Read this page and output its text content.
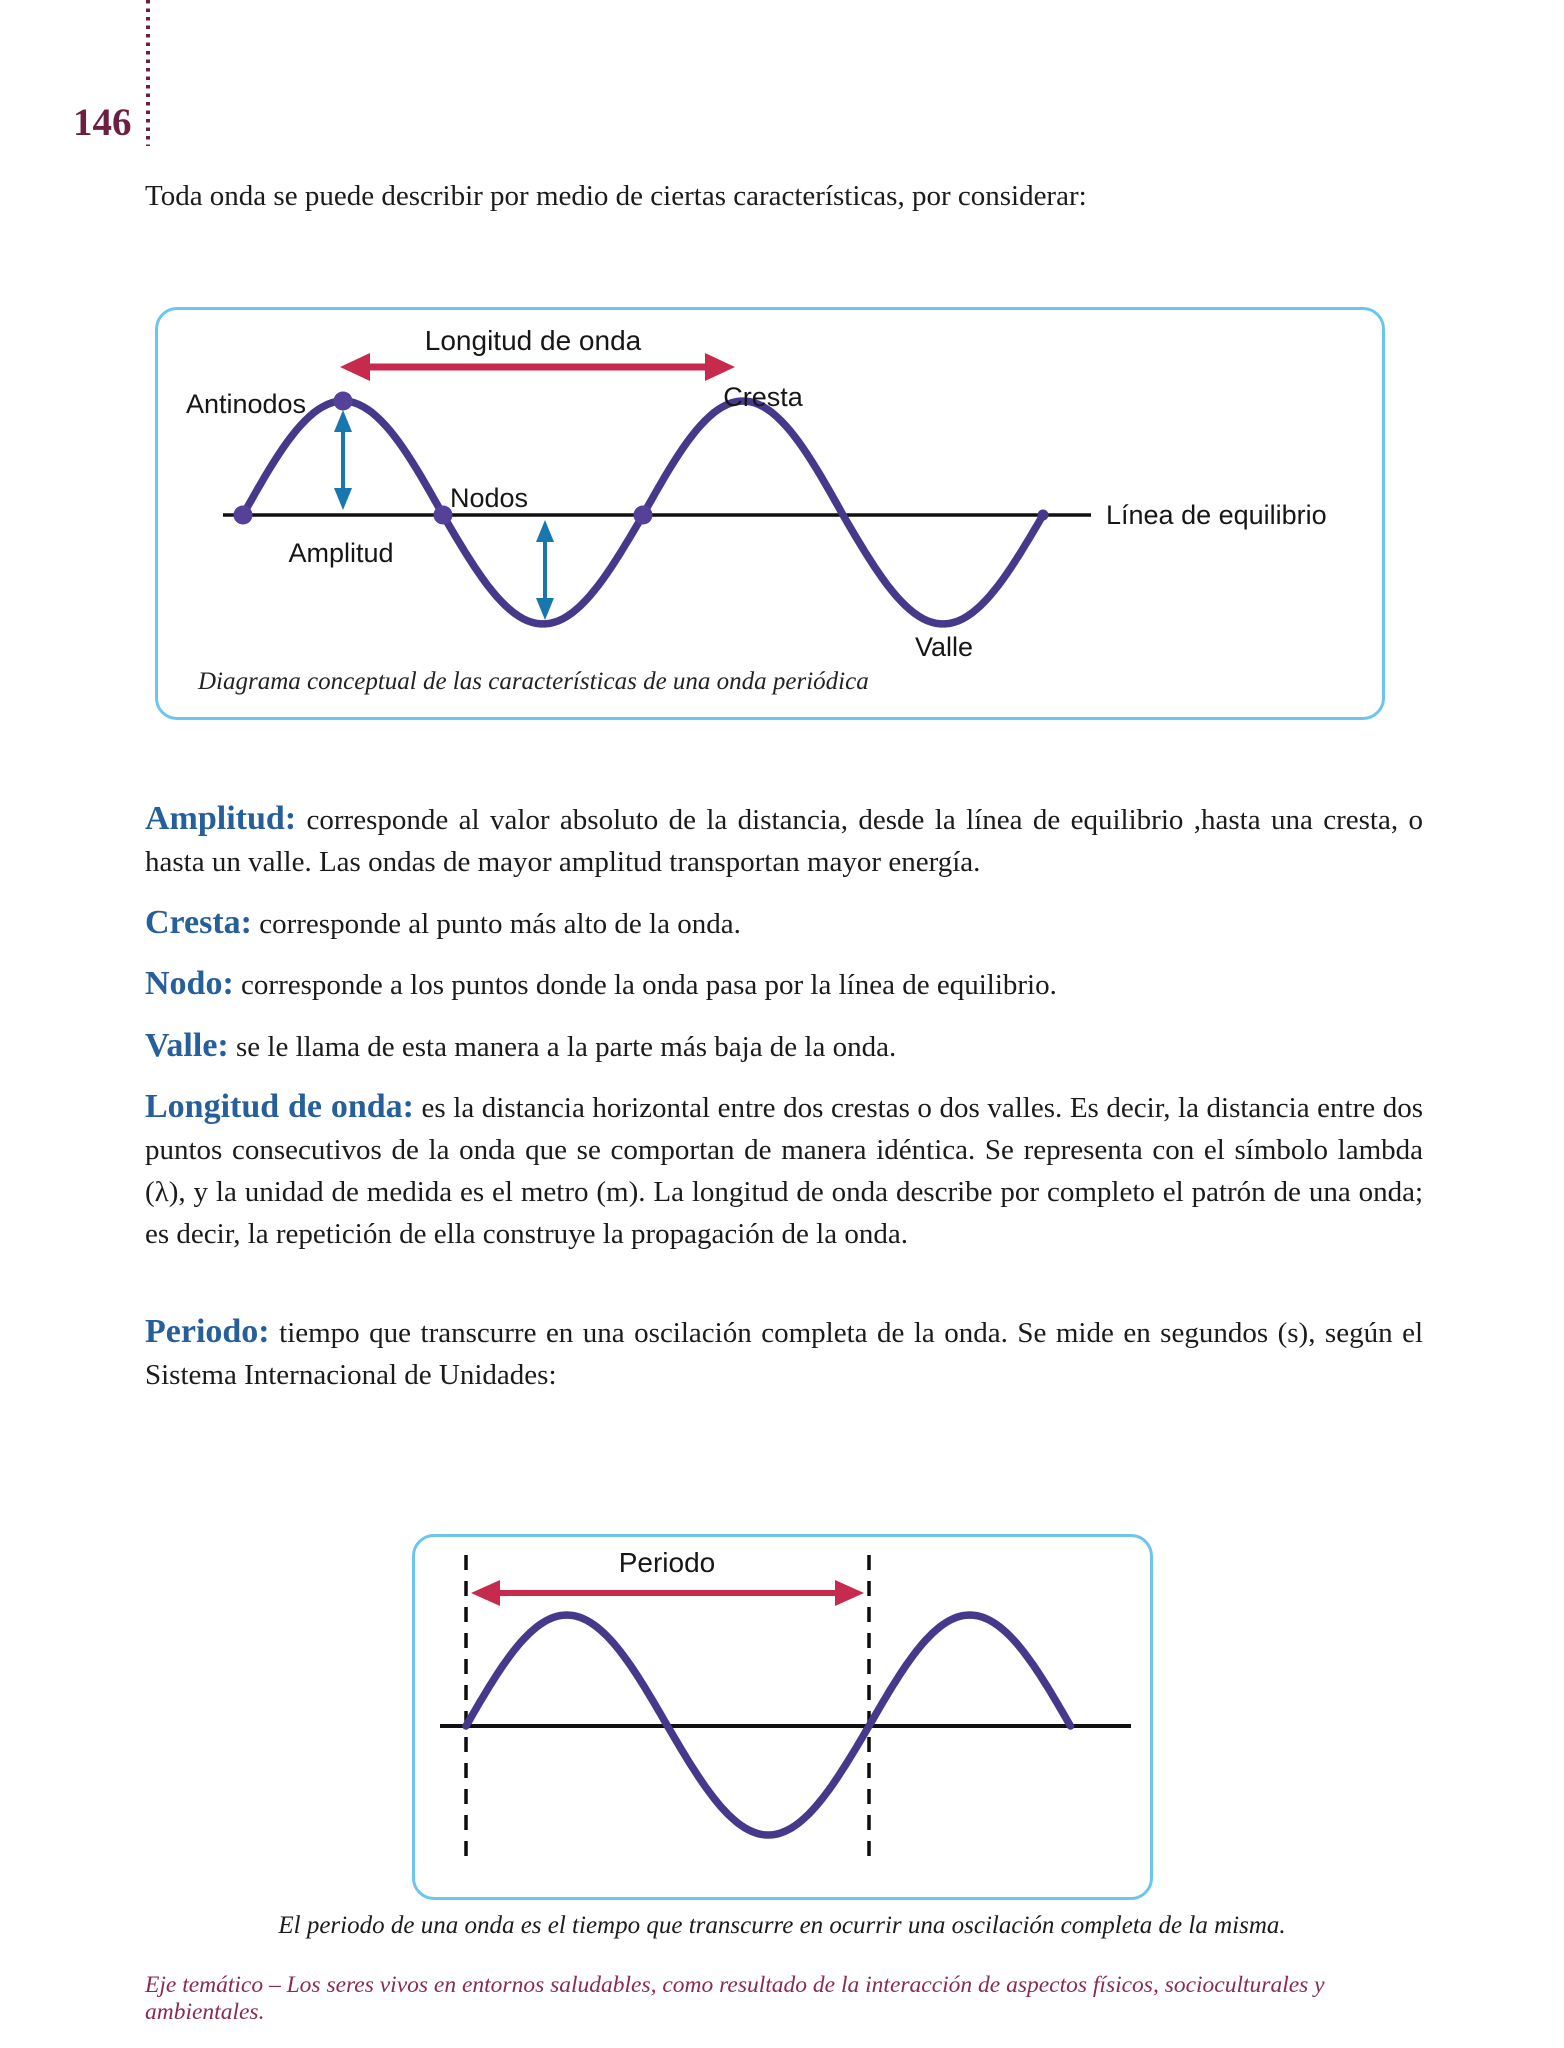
146

Toda onda se puede describir por medio de ciertas características, por considerar:

Línea de equilibrio
Longitud de onda
Antinodos	Cresta
Nodos
Amplitud
Valle
Diagrama conceptual de las características de una onda periódica

Amplitud: corresponde al valor absoluto de la distancia, desde la línea de equilibrio ,hasta una cresta, o hasta un valle. Las ondas de mayor amplitud transportan mayor energía.

Cresta: corresponde al punto más alto de la onda.

Nodo: corresponde a los puntos donde la onda pasa por la línea de equilibrio.

Valle: se le llama de esta manera a la parte más baja de la onda.

Longitud de onda: es la distancia horizontal entre dos crestas o dos valles. Es decir, la distancia entre dos puntos consecutivos de la onda que se comportan de manera idéntica. Se representa con el símbolo lambda (λ), y la unidad de medida es el metro (m). La longitud de onda describe por completo el patrón de una onda; es decir, la repetición de ella construye la propagación de la onda.

Periodo: tiempo que transcurre en una oscilación completa de la onda. Se mide en segundos (s), según el Sistema Internacional de Unidades:

Periodo

El periodo de una onda es el tiempo que transcurre en ocurrir una oscilación completa de la misma.

Eje temático – Los seres vivos en entornos saludables, como resultado de la interacción de aspectos físicos, socioculturales y ambientales.
